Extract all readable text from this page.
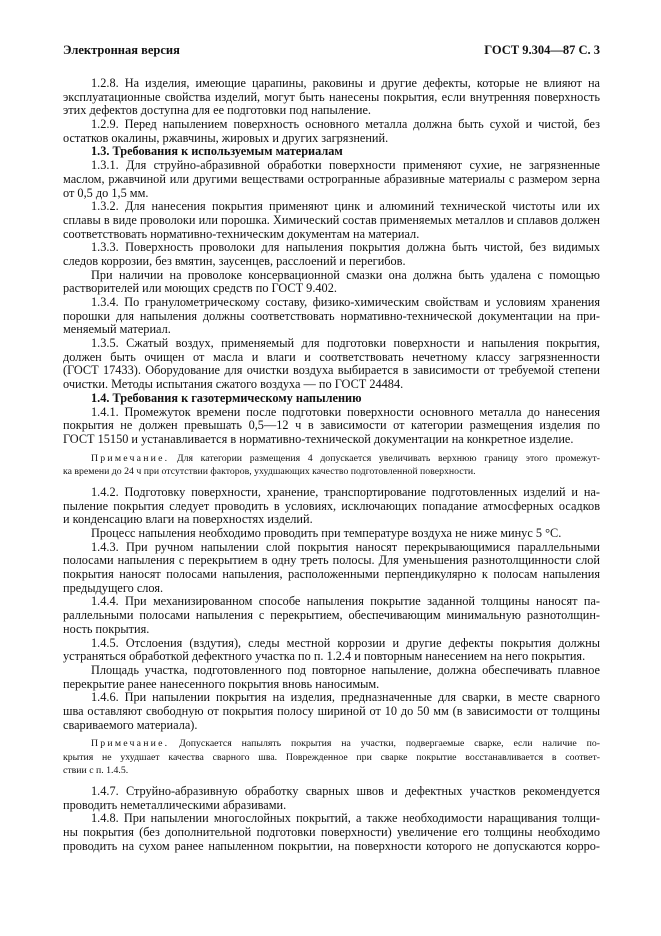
Электронная версия	ГОСТ 9.304—87 С. 3
1.2.8. На изделия, имеющие царапины, раковины и другие дефекты, которые не влияют на
эксплуатационные свойства изделий, могут быть нанесены покрытия, если внутренняя поверхность
этих дефектов доступна для ее подготовки под напыление.
1.2.9. Перед напылением поверхность основного металла должна быть сухой и чистой, без
остатков окалины, ржавчины, жировых и других загрязнений.
1.3. Требования к используемым материалам
1.3.1. Для струйно-абразивной обработки поверхности применяют сухие, не загрязненные
маслом, ржавчиной или другими веществами остроrранные абразивные материалы с размером зерна
от 0,5 до 1,5 мм.
1.3.2. Для нанесения покрытия применяют цинк и алюминий технической чистоты или их
сплавы в виде проволоки или порошка. Химический состав применяемых металлов и сплавов должен
соответствовать нормативно-техническим документам на материал.
1.3.3. Поверхность проволоки для напыления покрытия должна быть чистой, без видимых
следов коррозии, без вмятин, заусенцев, расслоений и перегибов.
При наличии на проволоке консервационной смазки она должна быть удалена с помощью
растворителей или моющих средств по ГОСТ 9.402.
1.3.4. По гранулометрическому составу, физико-химическим свойствам и условиям хранения
порошки для напыления должны соответствовать нормативно-технической документации на при-
меняемый материал.
1.3.5. Сжатый воздух, применяемый для подготовки поверхности и напыления покрытия,
должен быть очищен от масла и влаги и соответствовать нечетному классу загрязненности
(ГОСТ 17433). Оборудование для очистки воздуха выбирается в зависимости от требуемой степени
очистки. Методы испытания сжатого воздуха — по ГОСТ 24484.
1.4. Требования к газотермическому напылению
1.4.1. Промежуток времени после подготовки поверхности основного металла до нанесения
покрытия не должен превышать 0,5—12 ч в зависимости от категории размещения изделия по
ГОСТ 15150 и устанавливается в нормативно-технической документации на конкретное изделие.
Примечание. Для категории размещения 4 допускается увеличивать верхнюю границу этого промежут-
ка времени до 24 ч при отсутствии факторов, ухудшающих качество подготовленной поверхности.
1.4.2. Подготовку поверхности, хранение, транспортирование подготовленных изделий и на-
пыление покрытия следует проводить в условиях, исключающих попадание атмосферных осадков
и конденсацию влаги на поверхностях изделий.
Процесс напыления необходимо проводить при температуре воздуха не ниже минус 5 °С.
1.4.3. При ручном напылении слой покрытия наносят перекрывающимися параллельными
полосами напыления с перекрытием в одну треть полосы. Для уменьшения разнотолщинности слой
покрытия наносят полосами напыления, расположенными перпендикулярно к полосам напыления
предыдущего слоя.
1.4.4. При механизированном способе напыления покрытие заданной толщины наносят па-
раллельными полосами напыления с перекрытием, обеспечивающим минимальную разнотолщин-
ность покрытия.
1.4.5. Отслоения (вздутия), следы местной коррозии и другие дефекты покрытия должны
устраняться обработкой дефектного участка по п. 1.2.4 и повторным нанесением на него покрытия.
Площадь участка, подготовленного под повторное напыление, должна обеспечивать плавное
перекрытие ранее нанесенного покрытия вновь наносимым.
1.4.6. При напылении покрытия на изделия, предназначенные для сварки, в месте сварного
шва оставляют свободную от покрытия полосу шириной от 10 до 50 мм (в зависимости от толщины
свариваемого материала).
Примечание. Допускается напылять покрытия на участки, подвергаемые сварке, если наличие по-
крытия не ухудшает качества сварного шва. Поврежденное при сварке покрытие восстанавливается в соответ-
ствии с п. 1.4.5.
1.4.7. Струйно-абразивную обработку сварных швов и дефектных участков рекомендуется
проводить неметаллическими абразивами.
1.4.8. При напылении многослойных покрытий, а также необходимости наращивания толщи-
ны покрытия (без дополнительной подготовки поверхности) увеличение его толщины необходимо
проводить на сухом ранее напыленном покрытии, на поверхности которого не допускаются корро-
